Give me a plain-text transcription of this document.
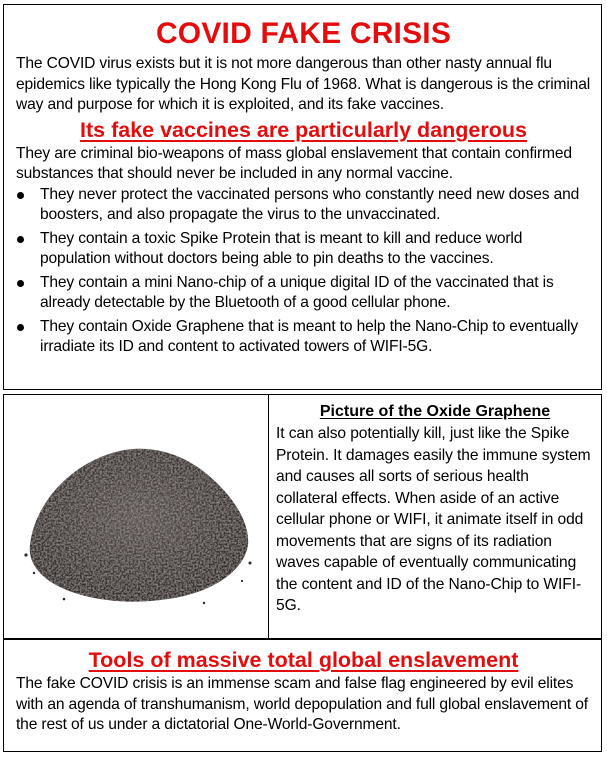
COVID FAKE CRISIS

The COVID virus exists but it is not more dangerous than other nasty annual flu epidemics like typically the Hong Kong Flu of 1968. What is dangerous is the criminal way and purpose for which it is exploited, and its fake vaccines.

Its fake vaccines are particularly dangerous

They are criminal bio-weapons of mass global enslavement that contain confirmed substances that should never be included in any normal vaccine.

They never protect the vaccinated persons who constantly need new doses and boosters, and also propagate the virus to the unvaccinated.
They contain a toxic Spike Protein that is meant to kill and reduce world population without doctors being able to pin deaths to the vaccines.
They contain a mini Nano-chip of a unique digital ID of the vaccinated that is already detectable by the Bluetooth of a good cellular phone.
They contain Oxide Graphene that is meant to help the Nano-Chip to eventually irradiate its ID and content to activated towers of WIFI-5G.
Picture of the Oxide Graphene

It can also potentially kill, just like the Spike Protein. It damages easily the immune system and causes all sorts of serious health collateral effects. When aside of an active cellular phone or WIFI, it animate itself in odd movements that are signs of its radiation waves capable of eventually communicating the content and ID of the Nano-Chip to WIFI-5G.

Tools of massive total global enslavement

The fake COVID crisis is an immense scam and false flag engineered by evil elites with an agenda of transhumanism, world depopulation and full global enslavement of the rest of us under a dictatorial One-World-Government.
